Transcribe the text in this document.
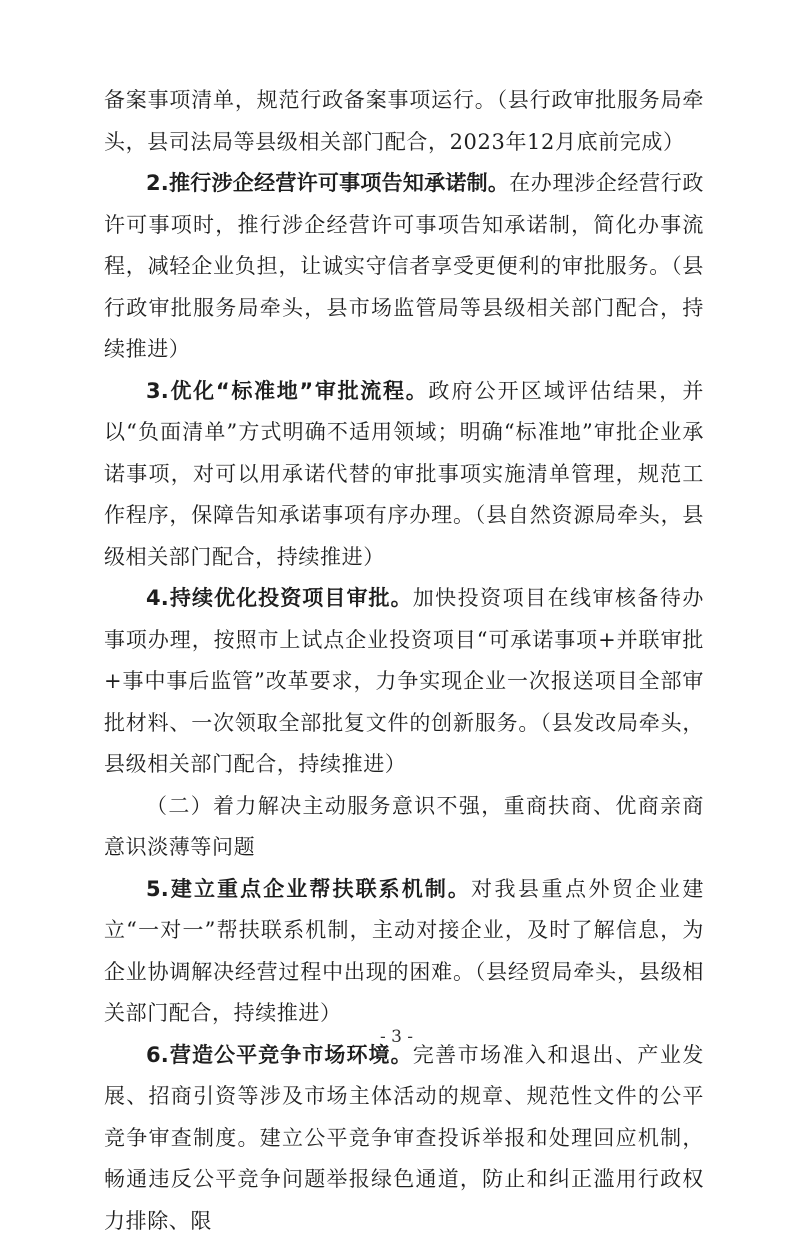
备案事项清单，规范行政备案事项运行。（县行政审批服务局牵头，县司法局等县级相关部门配合，2023年12月底前完成）

2.推行涉企经营许可事项告知承诺制。在办理涉企经营行政许可事项时，推行涉企经营许可事项告知承诺制，简化办事流程，减轻企业负担，让诚实守信者享受更便利的审批服务。（县行政审批服务局牵头，县市场监管局等县级相关部门配合，持续推进）

3.优化“标准地”审批流程。政府公开区域评估结果，并以“负面清单”方式明确不适用领域；明确“标准地”审批企业承诺事项，对可以用承诺代替的审批事项实施清单管理，规范工作程序，保障告知承诺事项有序办理。（县自然资源局牵头，县级相关部门配合，持续推进）

4.持续优化投资项目审批。加快投资项目在线审核备待办事项办理，按照市上试点企业投资项目“可承诺事项+并联审批+事中事后监管”改革要求，力争实现企业一次报送项目全部审批材料、一次领取全部批复文件的创新服务。（县发改局牵头，县级相关部门配合，持续推进）

（二）着力解决主动服务意识不强，重商扶商、优商亲商意识淡薄等问题

5.建立重点企业帮扶联系机制。对我县重点外贸企业建立“一对一”帮扶联系机制，主动对接企业，及时了解信息，为企业协调解决经营过程中出现的困难。（县经贸局牵头，县级相关部门配合，持续推进）

6.营造公平竞争市场环境。完善市场准入和退出、产业发展、招商引资等涉及市场主体活动的规章、规范性文件的公平竞争审查制度。建立公平竞争审查投诉举报和处理回应机制，畅通违反公平竞争问题举报绿色通道，防止和纠正滥用行政权力排除、限

- 3 -
